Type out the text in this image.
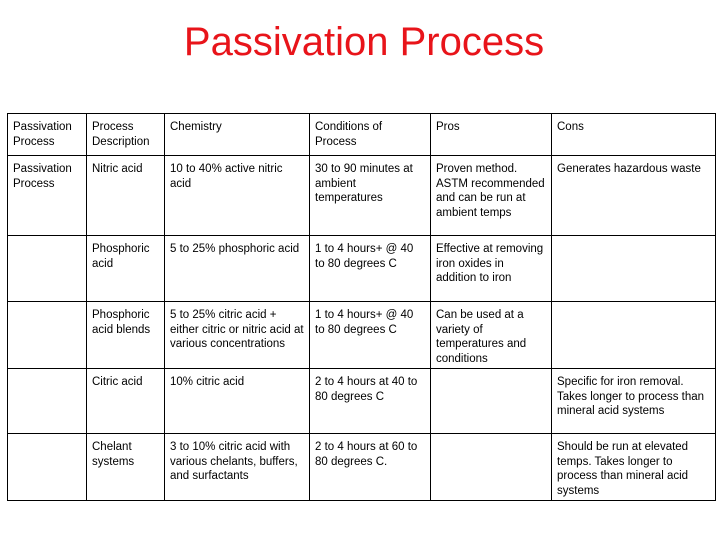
Passivation Process
Passivation Process	Process Description	Chemistry	Conditions of Process	Pros	Cons
Passivation Process	Nitric acid	10 to 40% active nitric acid	30 to 90 minutes at ambient temperatures	Proven method. ASTM recommended and can be run at ambient temps	Generates hazardous waste
	Phosphoric acid	5 to 25% phosphoric acid	1 to 4 hours+ @ 40 to 80 degrees C	Effective at removing iron oxides in addition to iron	
	Phosphoric acid blends	5 to 25% citric acid + either citric or nitric acid at various concentrations	1 to 4 hours+ @ 40 to 80 degrees C	Can be used at a variety of temperatures and conditions	
	Citric acid	10% citric acid	2 to 4 hours at 40 to 80 degrees C		Specific for iron removal. Takes longer to process than mineral acid systems
	Chelant systems	3 to 10% citric acid with various chelants, buffers, and surfactants	2 to 4 hours at 60 to 80 degrees C.		Should be run at elevated temps. Takes longer to process than mineral acid systems
